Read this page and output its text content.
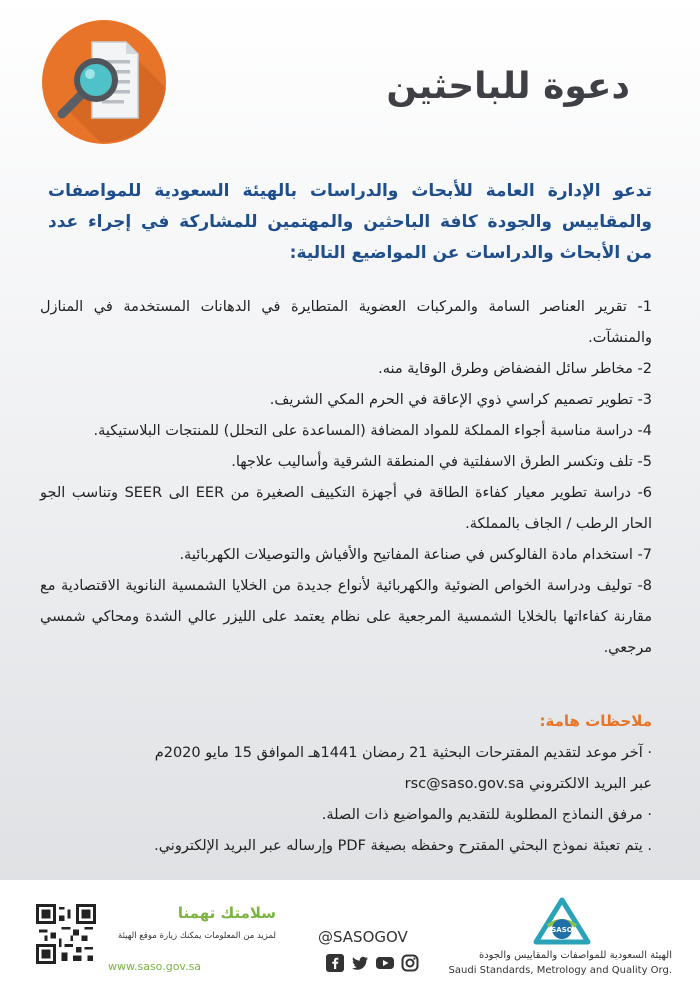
دعوة للباحثين

تدعو الإدارة العامة للأبحاث والدراسات بالهيئة السعودية للمواصفات والمقاييس والجودة كافة الباحثين والمهتمين للمشاركة في إجراء عدد من الأبحاث والدراسات عن المواضيع التالية:

1- تقرير العناصر السامة والمركبات العضوية المتطايرة في الدهانات المستخدمة في المنازل والمنشآت.
2- مخاطر سائل الفضفاض وطرق الوقاية منه.
3- تطوير تصميم كراسي ذوي الإعاقة في الحرم المكي الشريف.
4- دراسة مناسبة أجواء المملكة للمواد المضافة (المساعدة على التحلل) للمنتجات البلاستيكية.
5- تلف وتكسر الطرق الاسفلتية في المنطقة الشرقية وأساليب علاجها.
6- دراسة تطوير معيار كفاءة الطاقة في أجهزة التكييف الصغيرة من EER الى SEER وتناسب الجو الحار الرطب / الجاف بالمملكة.
7- استخدام مادة الفالوكس في صناعة المفاتيح والأفياش والتوصيلات الكهربائية.
8- توليف ودراسة الخواص الضوئية والكهربائية لأنواع جديدة من الخلايا الشمسية النانوية الاقتصادية مع مقارنة كفاءاتها بالخلايا الشمسية المرجعية على نظام يعتمد على الليزر عالي الشدة ومحاكي شمسي مرجعي.
ملاحظات هامة:
· آخر موعد لتقديم المقترحات البحثية 21 رمضان 1441هـ الموافق 15 مايو 2020م
عبر البريد الالكتروني rsc@saso.gov.sa
· مرفق النماذج المطلوبة للتقديم والمواضيع ذات الصلة.
. يتم تعبئة نموذج البحثي المقترح وحفظه بصيغة PDF وإرساله عبر البريد الإلكتروني.
SASO
الهيئة السعودية للمواصفات والمقاييس والجودة
Saudi Standards, Metrology and Quality Org.
@SASOGOV
سلامتك تهمنا
لمزيد من المعلومات يمكنك زيارة موقع الهيئة
www.saso.gov.sa
